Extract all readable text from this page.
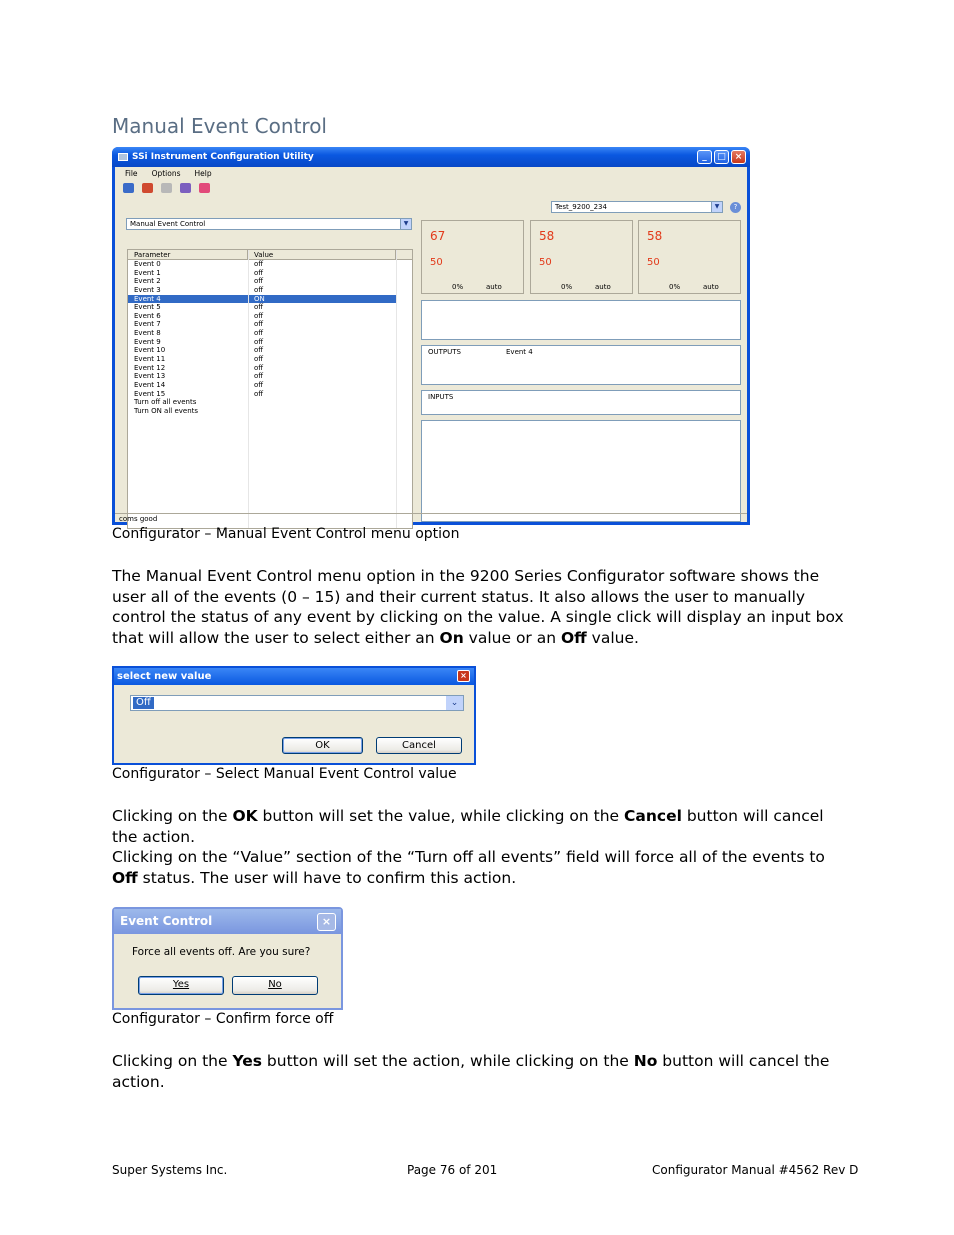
Manual Event Control
SSi Instrument Configuration Utility	_	□ ×
File Options Help
Test_9200_234	▼	?
Manual Event Control	▼
Parameter	Value
Event 0	off
Event 1	off
Event 2	off
Event 3	off
Event 4	ON
Event 5	off
Event 6	off
Event 7	off
Event 8	off
Event 9	off
Event 10	off
Event 11	off
Event 12	off
Event 13	off
Event 14	off
Event 15	off
Turn off all events
Turn ON all events
67
50
0%	auto
58
50
0%	auto
58
50
0%	auto
OUTPUTS	Event 4
INPUTS
coms good
Configurator – Manual Event Control menu option

The Manual Event Control menu option in the 9200 Series Configurator software shows the user all of the events (0 – 15) and their current status. It also allows the user to manually control the status of any event by clicking on the value. A single click will display an input box that will allow the user to select either an On value or an Off value.

select new value	×
Off	⌄
OK	Cancel
Configurator – Select Manual Event Control value

Clicking on the OK button will set the value, while clicking on the Cancel button will cancel the action.
Clicking on the “Value” section of the “Turn off all events” field will force all of the events to Off status. The user will have to confirm this action.

Event Control	×
Force all events off. Are you sure?
Yes	No
Configurator – Confirm force off

Clicking on the Yes button will set the action, while clicking on the No button will cancel the action.

Super Systems Inc.	Page 76 of 201	Configurator Manual #4562 Rev D
